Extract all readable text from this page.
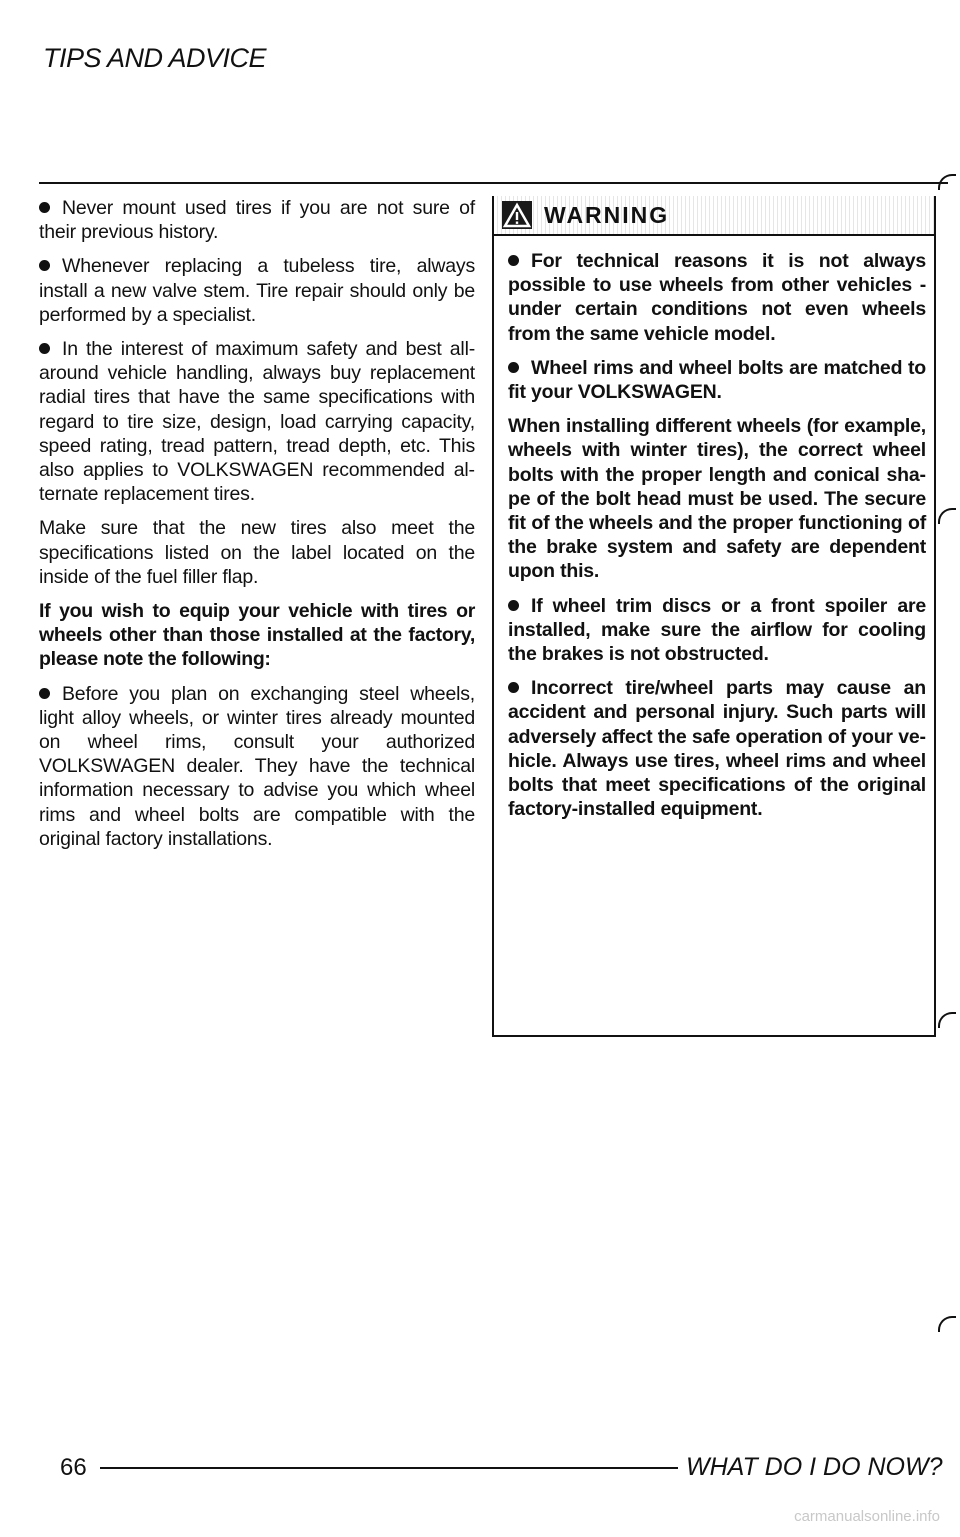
TIPS AND ADVICE

Never mount used tires if you are not sure of their previous history.

Whenever replacing a tubeless tire, always install a new valve stem. Tire repair should only be performed by a specialist.

In the interest of maximum safety and best all-around vehicle handling, always buy replacement radial tires that have the same specifications with regard to tire size, design, load carrying capacity, speed rating, tread pattern, tread depth, etc. This also applies to VOLKSWAGEN recommended alternate replacement tires.

Make sure that the new tires also meet the specifications listed on the label located on the inside of the fuel filler flap.

If you wish to equip your vehicle with tires or wheels other than those installed at the factory, please note the following:

Before you plan on exchanging steel wheels, light alloy wheels, or winter tires already mounted on wheel rims, consult your authorized VOLKSWAGEN dealer. They have the technical information necessary to advise you which wheel rims and wheel bolts are compatible with the original factory installations.

WARNING

For technical reasons it is not always possible to use wheels from other vehicles - under certain conditions not even wheels from the same vehicle model.

Wheel rims and wheel bolts are matched to fit your VOLKSWAGEN.

When installing different wheels (for example, wheels with winter tires), the correct wheel bolts with the proper length and conical shape of the bolt head must be used. The secure fit of the wheels and the proper functioning of the brake system and safety are dependent upon this.

If wheel trim discs or a front spoiler are installed, make sure the airflow for cooling the brakes is not obstructed.

Incorrect tire/wheel parts may cause an accident and personal injury. Such parts will adversely affect the safe operation of your vehicle. Always use tires, wheel rims and wheel bolts that meet specifications of the original factory-installed equipment.

66	WHAT DO I DO NOW?
carmanualsonline.info
